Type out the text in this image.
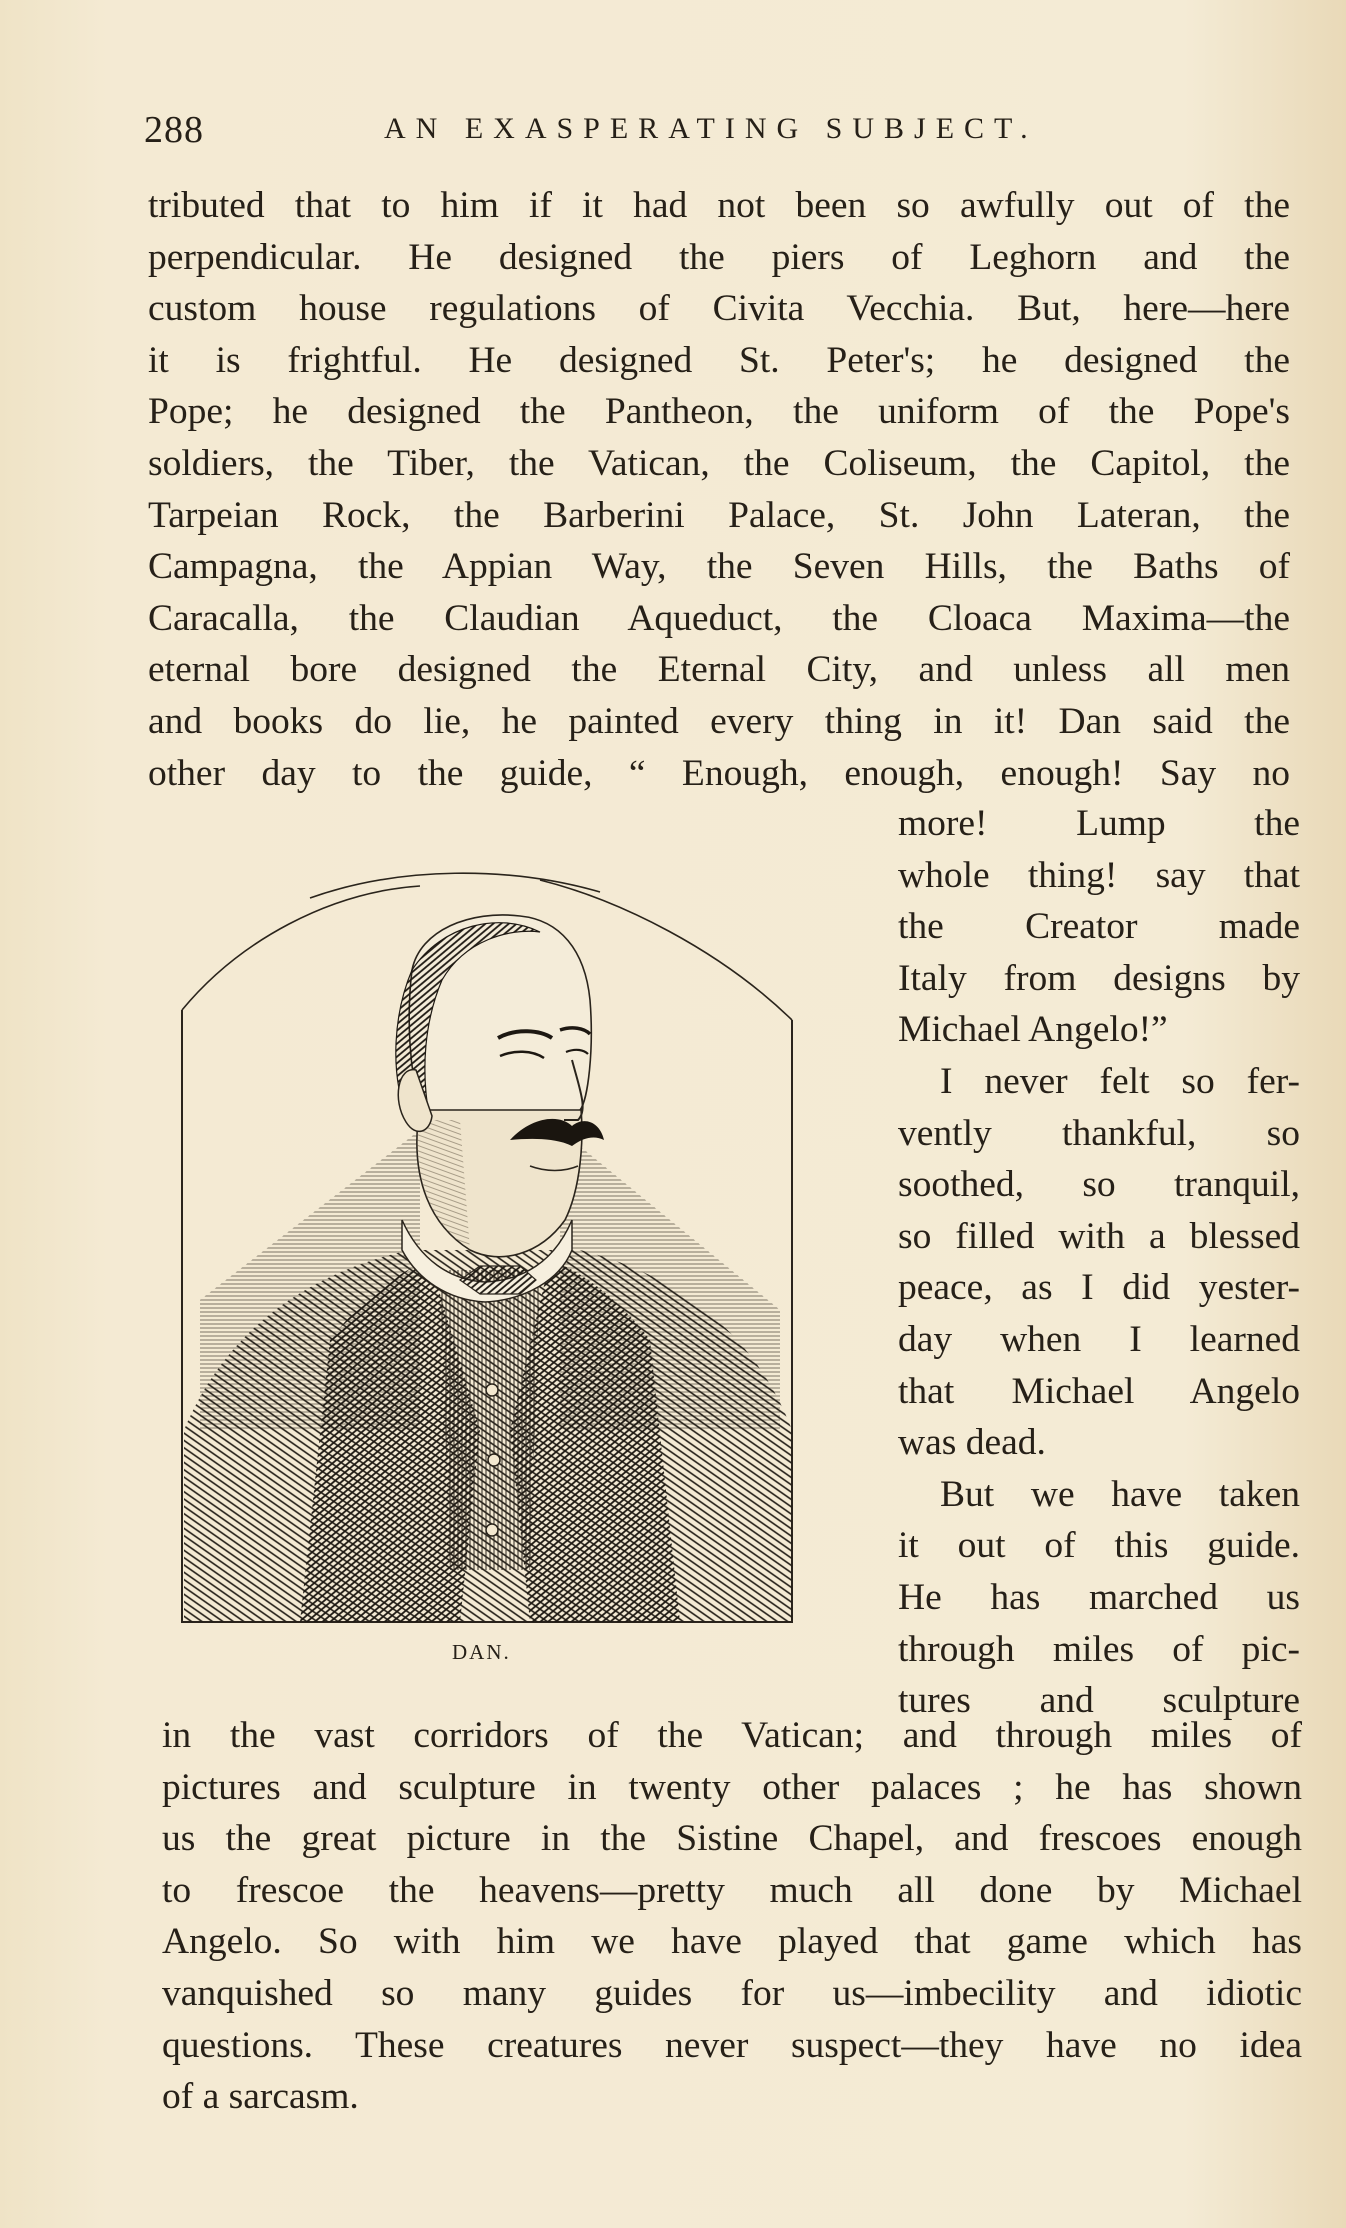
288	AN EXASPERATING SUBJECT.
tributed that to him if it had not been so awfully out of the
perpendicular. He designed the piers of Leghorn and the
custom house regulations of Civita Vecchia. But, here—here
it is frightful. He designed St. Peter's; he designed the
Pope; he designed the Pantheon, the uniform of the Pope's
soldiers, the Tiber, the Vatican, the Coliseum, the Capitol, the
Tarpeian Rock, the Barberini Palace, St. John Lateran, the
Campagna, the Appian Way, the Seven Hills, the Baths of
Caracalla, the Claudian Aqueduct, the Cloaca Maxima—the
eternal bore designed the Eternal City, and unless all men
and books do lie, he painted every thing in it! Dan said the
other day to the guide, “ Enough, enough, enough! Say no
DAN.
more! Lump the
whole thing! say that
the Creator made
Italy from designs by
Michael Angelo!”
I never felt so fer-
vently thankful, so
soothed, so tranquil,
so filled with a blessed
peace, as I did yester-
day when I learned
that Michael Angelo
was dead.
But we have taken
it out of this guide.
He has marched us
through miles of pic-
tures and sculpture
in the vast corridors of the Vatican; and through miles of
pictures and sculpture in twenty other palaces ; he has shown
us the great picture in the Sistine Chapel, and frescoes enough
to frescoe the heavens—pretty much all done by Michael
Angelo. So with him we have played that game which has
vanquished so many guides for us—imbecility and idiotic
questions. These creatures never suspect—they have no idea
of a sarcasm.
